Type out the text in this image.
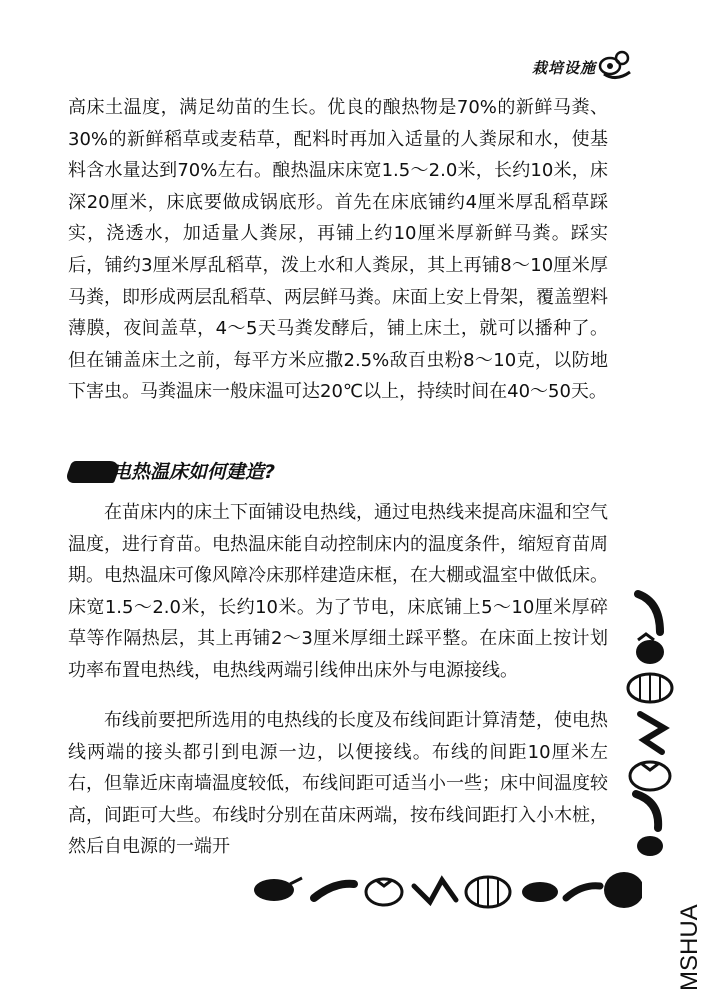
栽培设施
高床土温度，满足幼苗的生长。优良的酿热物是70%的新鲜马粪、30%的新鲜稻草或麦秸草，配料时再加入适量的人粪尿和水，使基料含水量达到70%左右。酿热温床床宽1.5～2.0米，长约10米，床深20厘米，床底要做成锅底形。首先在床底铺约4厘米厚乱稻草踩实，浇透水，加适量人粪尿，再铺上约10厘米厚新鲜马粪。踩实后，铺约3厘米厚乱稻草，泼上水和人粪尿，其上再铺8～10厘米厚马粪，即形成两层乱稻草、两层鲜马粪。床面上安上骨架，覆盖塑料薄膜，夜间盖草，4～5天马粪发酵后，铺上床土，就可以播种了。但在铺盖床土之前，每平方米应撒2.5%敌百虫粉8～10克，以防地下害虫。马粪温床一般床温可达20℃以上，持续时间在40～50天。
电热温床如何建造?
在苗床内的床土下面铺设电热线，通过电热线来提高床温和空气温度，进行育苗。电热温床能自动控制床内的温度条件，缩短育苗周期。电热温床可像风障冷床那样建造床框，在大棚或温室中做低床。床宽1.5～2.0米，长约10米。为了节电，床底铺上5～10厘米厚碎草等作隔热层，其上再铺2～3厘米厚细土踩平整。在床面上按计划功率布置电热线，电热线两端引线伸出床外与电源接线。
布线前要把所选用的电热线的长度及布线间距计算清楚，使电热线两端的接头都引到电源一边，以便接线。布线的间距10厘米左右，但靠近床南墙温度较低，布线间距可适当小一些；床中间温度较高，间距可大些。布线时分别在苗床两端，按布线间距打入小木桩，然后自电源的一端开
MSHUA
